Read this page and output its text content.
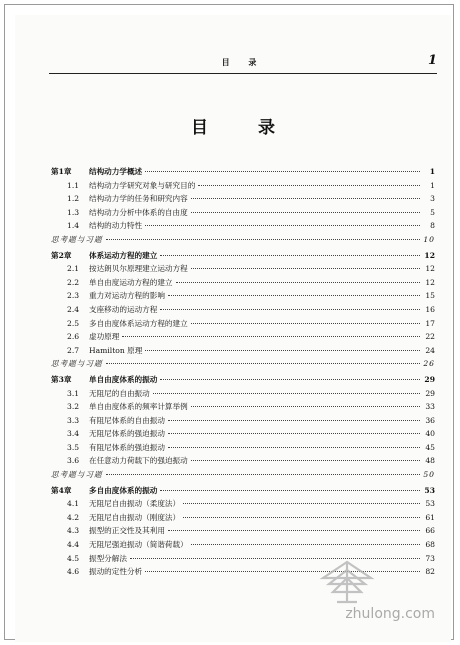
目 录	1
目 录
第1章	结构动力学概述	1
1.1	结构动力学研究对象与研究目的	1
1.2	结构动力学的任务和研究内容	3
1.3	结构动力分析中体系的自由度	5
1.4	结构的动力特性	8
思考题与习题	10
第2章	体系运动方程的建立	12
2.1	按达朗贝尔原理建立运动方程	12
2.2	单自由度运动方程的建立	12
2.3	重力对运动方程的影响	15
2.4	支座移动的运动方程	16
2.5	多自由度体系运动方程的建立	17
2.6	虚功原理	22
2.7	Hamilton 原理	24
思考题与习题	26
第3章	单自由度体系的振动	29
3.1	无阻尼的自由振动	29
3.2	单自由度体系的频率计算举例	33
3.3	有阻尼体系的自由振动	36
3.4	无阻尼体系的强迫振动	40
3.5	有阻尼体系的强迫振动	45
3.6	在任意动力荷载下的强迫振动	48
思考题与习题	50
第4章	多自由度体系的振动	53
4.1	无阻尼自由振动（柔度法）	53
4.2	无阻尼自由振动（刚度法）	61
4.3	振型的正交性及其利用	66
4.4	无阻尼强迫振动（简谐荷载）	68
4.5	振型分解法	73
4.6	振动的定性分析	82
zhulong.com
